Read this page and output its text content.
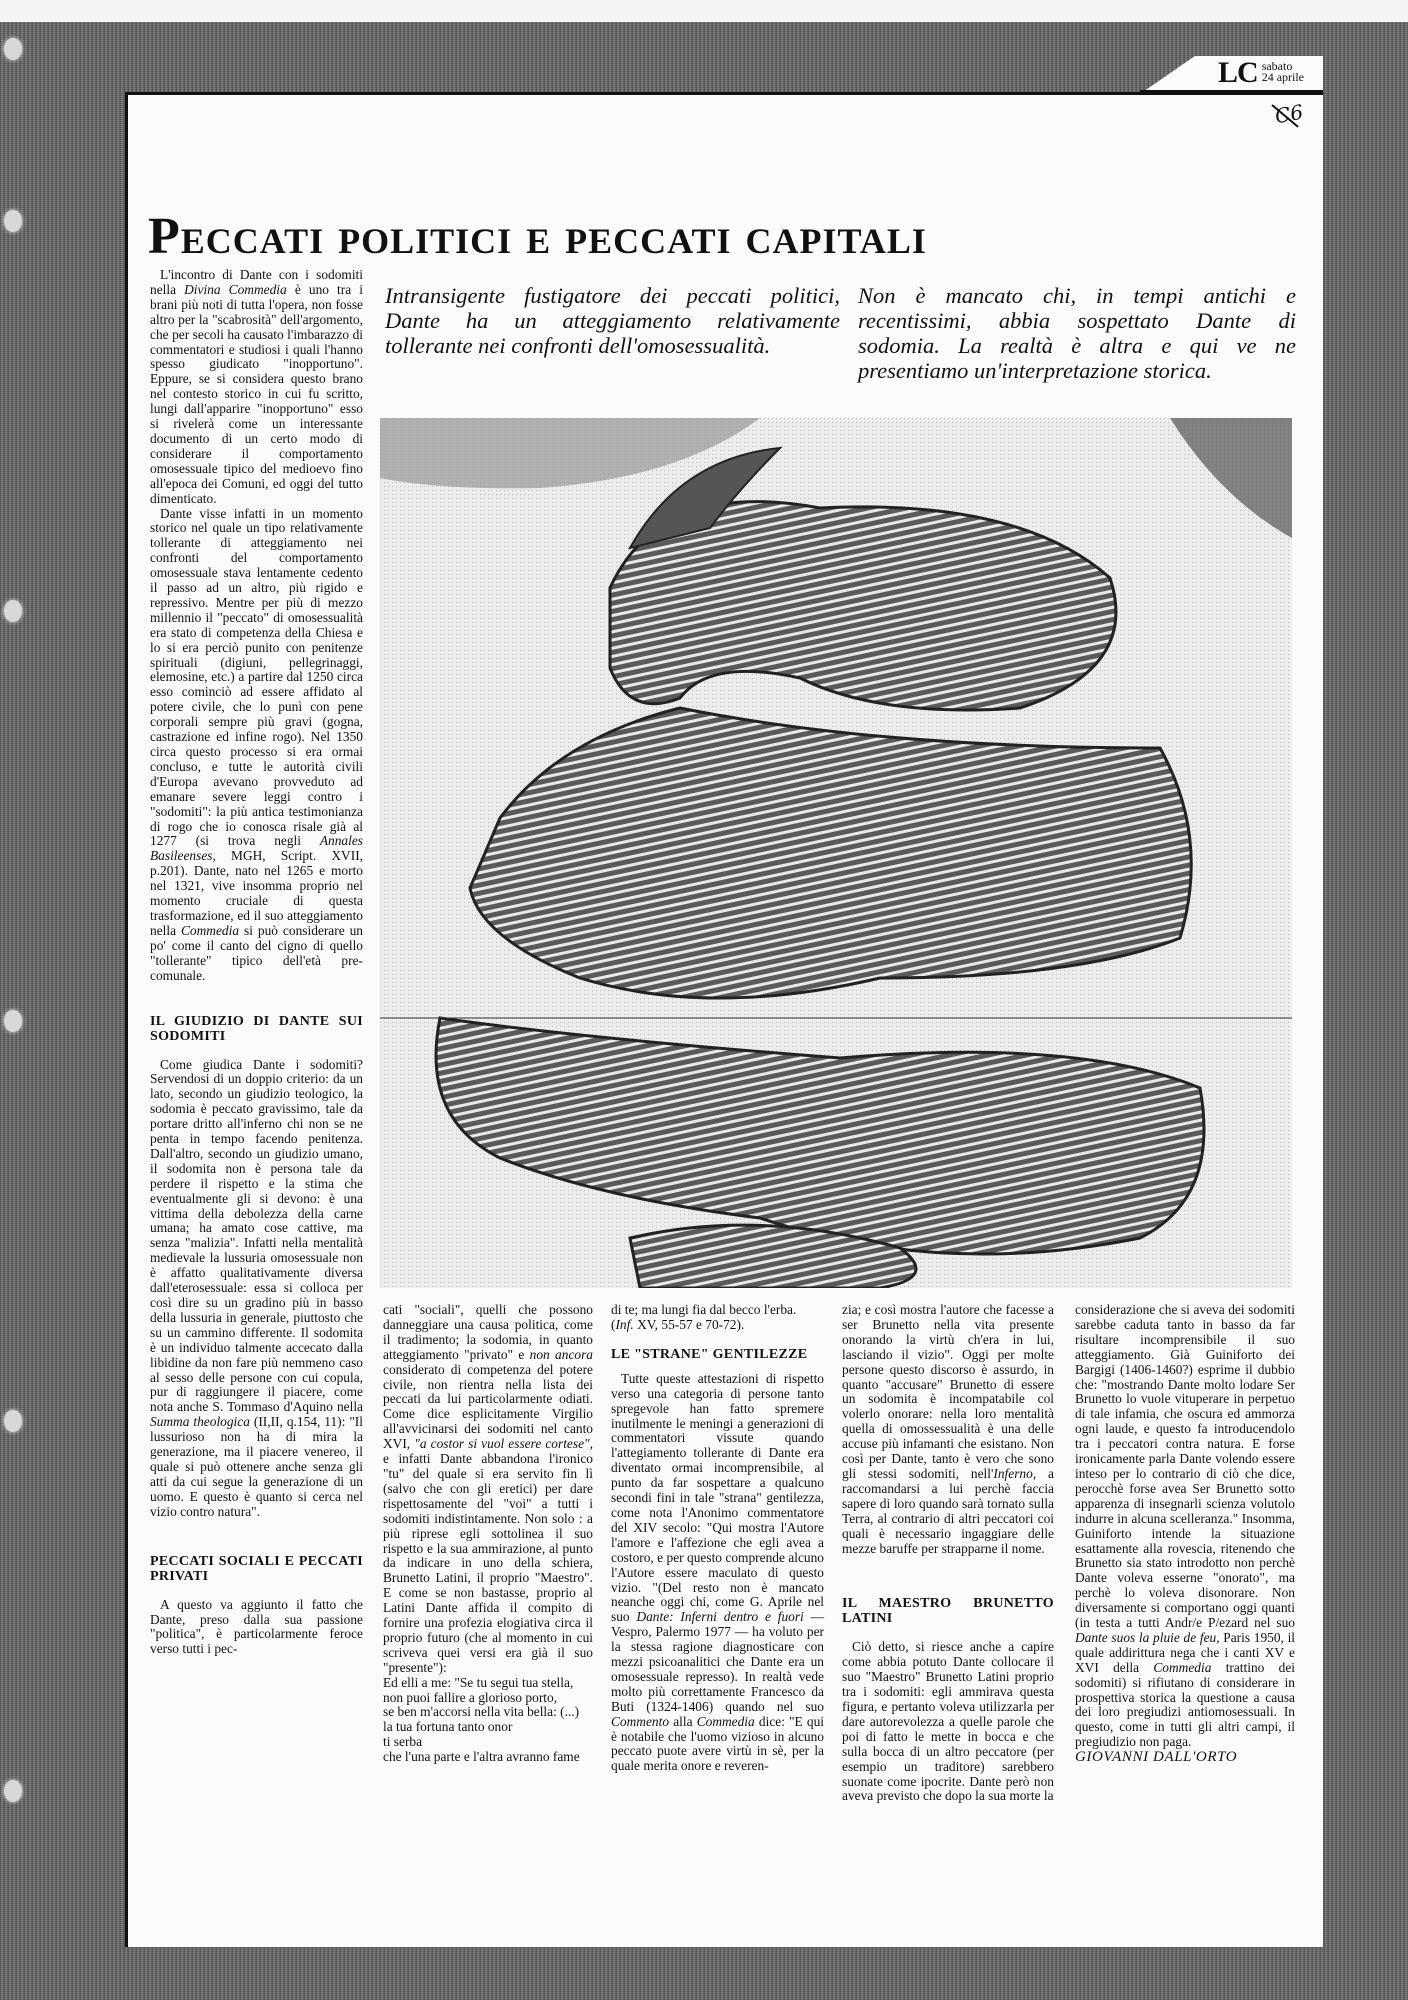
LC sabato
24 aprile
C6
Peccati politici e peccati capitali
Intransigente fustigatore dei peccati politici, Dante ha un atteggiamento relativamente tollerante nei confronti dell'omosessualità.
Non è mancato chi, in tempi antichi e recentissimi, abbia sospettato Dante di sodomia. La realtà è altra e qui ve ne presentiamo un'interpretazione storica.

L'incontro di Dante con i sodomiti nella Divina Commedia è uno tra i brani più noti di tutta l'opera, non fosse altro per la "scabrosità" dell'argomento, che per secoli ha causato l'imbarazzo di commentatori e studiosi i quali l'hanno spesso giudicato "inopportuno". Eppure, se si considera questo brano nel contesto storico in cui fu scritto, lungi dall'apparire "inopportuno" esso si rivelerà come un interessante documento di un certo modo di considerare il comportamento omosessuale tipico del medioevo fino all'epoca dei Comuni, ed oggi del tutto dimenticato.

Dante visse infatti in un momento storico nel quale un tipo relativamente tollerante di atteggiamento nei confronti del comportamento omosessuale stava lentamente cedento il passo ad un altro, più rigido e repressivo. Mentre per più di mezzo millennio il "peccato" di omosessualità era stato di competenza della Chiesa e lo si era perciò punito con penitenze spirituali (digiuni, pellegrinaggi, elemosine, etc.) a partire dal 1250 circa esso cominciò ad essere affidato al potere civile, che lo punì con pene corporali sempre più gravi (gogna, castrazione ed infine rogo). Nel 1350 circa questo processo si era ormai concluso, e tutte le autorità civili d'Europa avevano provveduto ad emanare severe leggi contro i "sodomiti": la più antica testimonianza di rogo che io conosca risale già al 1277 (si trova negli Annales Basileenses, MGH, Script. XVII, p.201). Dante, nato nel 1265 e morto nel 1321, vive insomma proprio nel momento cruciale di questa trasformazione, ed il suo atteggiamento nella Commedia si può considerare un po' come il canto del cigno di quello "tollerante" tipico dell'età pre-comunale.

IL GIUDIZIO DI DANTE SUI SODOMITI

Come giudica Dante i sodomiti? Servendosi di un doppio criterio: da un lato, secondo un giudizio teologico, la sodomia è peccato gravissimo, tale da portare dritto all'inferno chi non se ne penta in tempo facendo penitenza. Dall'altro, secondo un giudizio umano, il sodomita non è persona tale da perdere il rispetto e la stima che eventualmente gli si devono: è una vittima della debolezza della carne umana; ha amato cose cattive, ma senza "malizia". Infatti nella mentalità medievale la lussuria omosessuale non è affatto qualitativamente diversa dall'eterosessuale: essa si colloca per così dire su un gradino più in basso della lussuria in generale, piuttosto che su un cammino differente. Il sodomita è un individuo talmente accecato dalla libidine da non fare più nemmeno caso al sesso delle persone con cui copula, pur di raggiungere il piacere, come nota anche S. Tommaso d'Aquino nella Summa theologica (II,II, q.154, 11): "Il lussurioso non ha di mira la generazione, ma il piacere venereo, il quale si può ottenere anche senza gli atti da cui segue la generazione di un uomo. E questo è quanto si cerca nel vizio contro natura".

PECCATI SOCIALI E PECCATI PRIVATI

A questo va aggiunto il fatto che Dante, preso dalla sua passione "politica", è particolarmente feroce verso tutti i pec-

cati "sociali", quelli che possono danneggiare una causa politica, come il tradimento; la sodomia, in quanto atteggiamento "privato" e non ancora considerato di competenza del potere civile, non rientra nella lista dei peccati da lui particolarmente odiati. Come dice esplicitamente Virgilio all'avvicinarsi dei sodomiti nel canto XVI, "a costor si vuol essere cortese", e infatti Dante abbandona l'ironico "tu" del quale si era servito fin lì (salvo che con gli eretici) per dare rispettosamente del "voi" a tutti i sodomiti indistintamente. Non solo : a più riprese egli sottolinea il suo rispetto e la sua ammirazione, al punto da indicare in uno della schiera, Brunetto Latini, il proprio "Maestro". E come se non bastasse, proprio al Latini Dante affida il compito di fornire una profezia elogiativa circa il proprio futuro (che al momento in cui scriveva quei versi era già il suo "presente"):

Ed elli a me: "Se tu segui tua stella,

non puoi fallire a glorioso porto,

se ben m'accorsi nella vita bella: (...)

la tua fortuna tanto onor

ti serba

che l'una parte e l'altra avranno fame

di te; ma lungi fia dal becco l'erba.

(Inf. XV, 55-57 e 70-72).

LE "STRANE" GENTILEZZE

Tutte queste attestazioni di rispetto verso una categoria di persone tanto spregevole han fatto spremere inutilmente le meningi a generazioni di commentatori vissute quando l'attegiamento tollerante di Dante era diventato ormai incomprensibile, al punto da far sospettare a qualcuno secondi fini in tale "strana" gentilezza, come nota l'Anonimo commentatore del XIV secolo: "Qui mostra l'Autore l'amore e l'affezione che egli avea a costoro, e per questo comprende alcuno l'Autore essere maculato di questo vizio. "(Del resto non è mancato neanche oggi chi, come G. Aprile nel suo Dante: Inferni dentro e fuori — Vespro, Palermo 1977 — ha voluto per la stessa ragione diagnosticare con mezzi psicoanalitici che Dante era un omosessuale represso). In realtà vede molto più correttamente Francesco da Buti (1324-1406) quando nel suo Commento alla Commedia dice: "E qui è notabile che l'uomo vizioso in alcuno peccato puote avere virtù in sè, per la quale merita onore e reveren-

zia; e così mostra l'autore che facesse a ser Brunetto nella vita presente onorando la virtù ch'era in lui, lasciando il vizio". Oggi per molte persone questo discorso è assurdo, in quanto "accusare" Brunetto di essere un sodomita è incompatabile col volerlo onorare: nella loro mentalità quella di omossessualità è una delle accuse più infamanti che esistano. Non così per Dante, tanto è vero che sono gli stessi sodomiti, nell'Inferno, a raccomandarsi a lui perchè faccia sapere di loro quando sarà tornato sulla Terra, al contrario di altri peccatori coi quali è necessario ingaggiare delle mezze baruffe per strapparne il nome.

IL MAESTRO BRUNETTO LATINI

Ciò detto, si riesce anche a capire come abbia potuto Dante collocare il suo "Maestro" Brunetto Latini proprio tra i sodomiti: egli ammirava questa figura, e pertanto voleva utilizzarla per dare autorevolezza a quelle parole che poi di fatto le mette in bocca e che sulla bocca di un altro peccatore (per esempio un traditore) sarebbero suonate come ipocrite. Dante però non aveva previsto che dopo la sua morte la

considerazione che si aveva dei sodomiti sarebbe caduta tanto in basso da far risultare incomprensibile il suo atteggiamento. Già Guiniforto dei Bargigi (1406-1460?) esprime il dubbio che: "mostrando Dante molto lodare Ser Brunetto lo vuole vituperare in perpetuo di tale infamia, che oscura ed ammorza ogni laude, e questo fa introducendolo tra i peccatori contra natura. E forse ironicamente parla Dante volendo essere inteso per lo contrario di ciò che dice, perocchè forse avea Ser Brunetto sotto apparenza di insegnarli scienza volutolo indurre in alcuna scelleranza." Insomma, Guiniforto intende la situazione esattamente alla rovescia, ritenendo che Brunetto sia stato introdotto non perchè Dante voleva esserne "onorato", ma perchè lo voleva disonorare. Non diversamente si comportano oggi quanti (in testa a tutti Andr/e P/ezard nel suo Dante suos la pluie de feu, Paris 1950, il quale addirittura nega che i canti XV e XVI della Commedia trattino dei sodomiti) si rifiutano di considerare in prospettiva storica la questione a causa dei loro pregiudizi antiomosessuali. In questo, come in tutti gli altri campi, il pregiudizio non paga.

GIOVANNI DALL'ORTO
